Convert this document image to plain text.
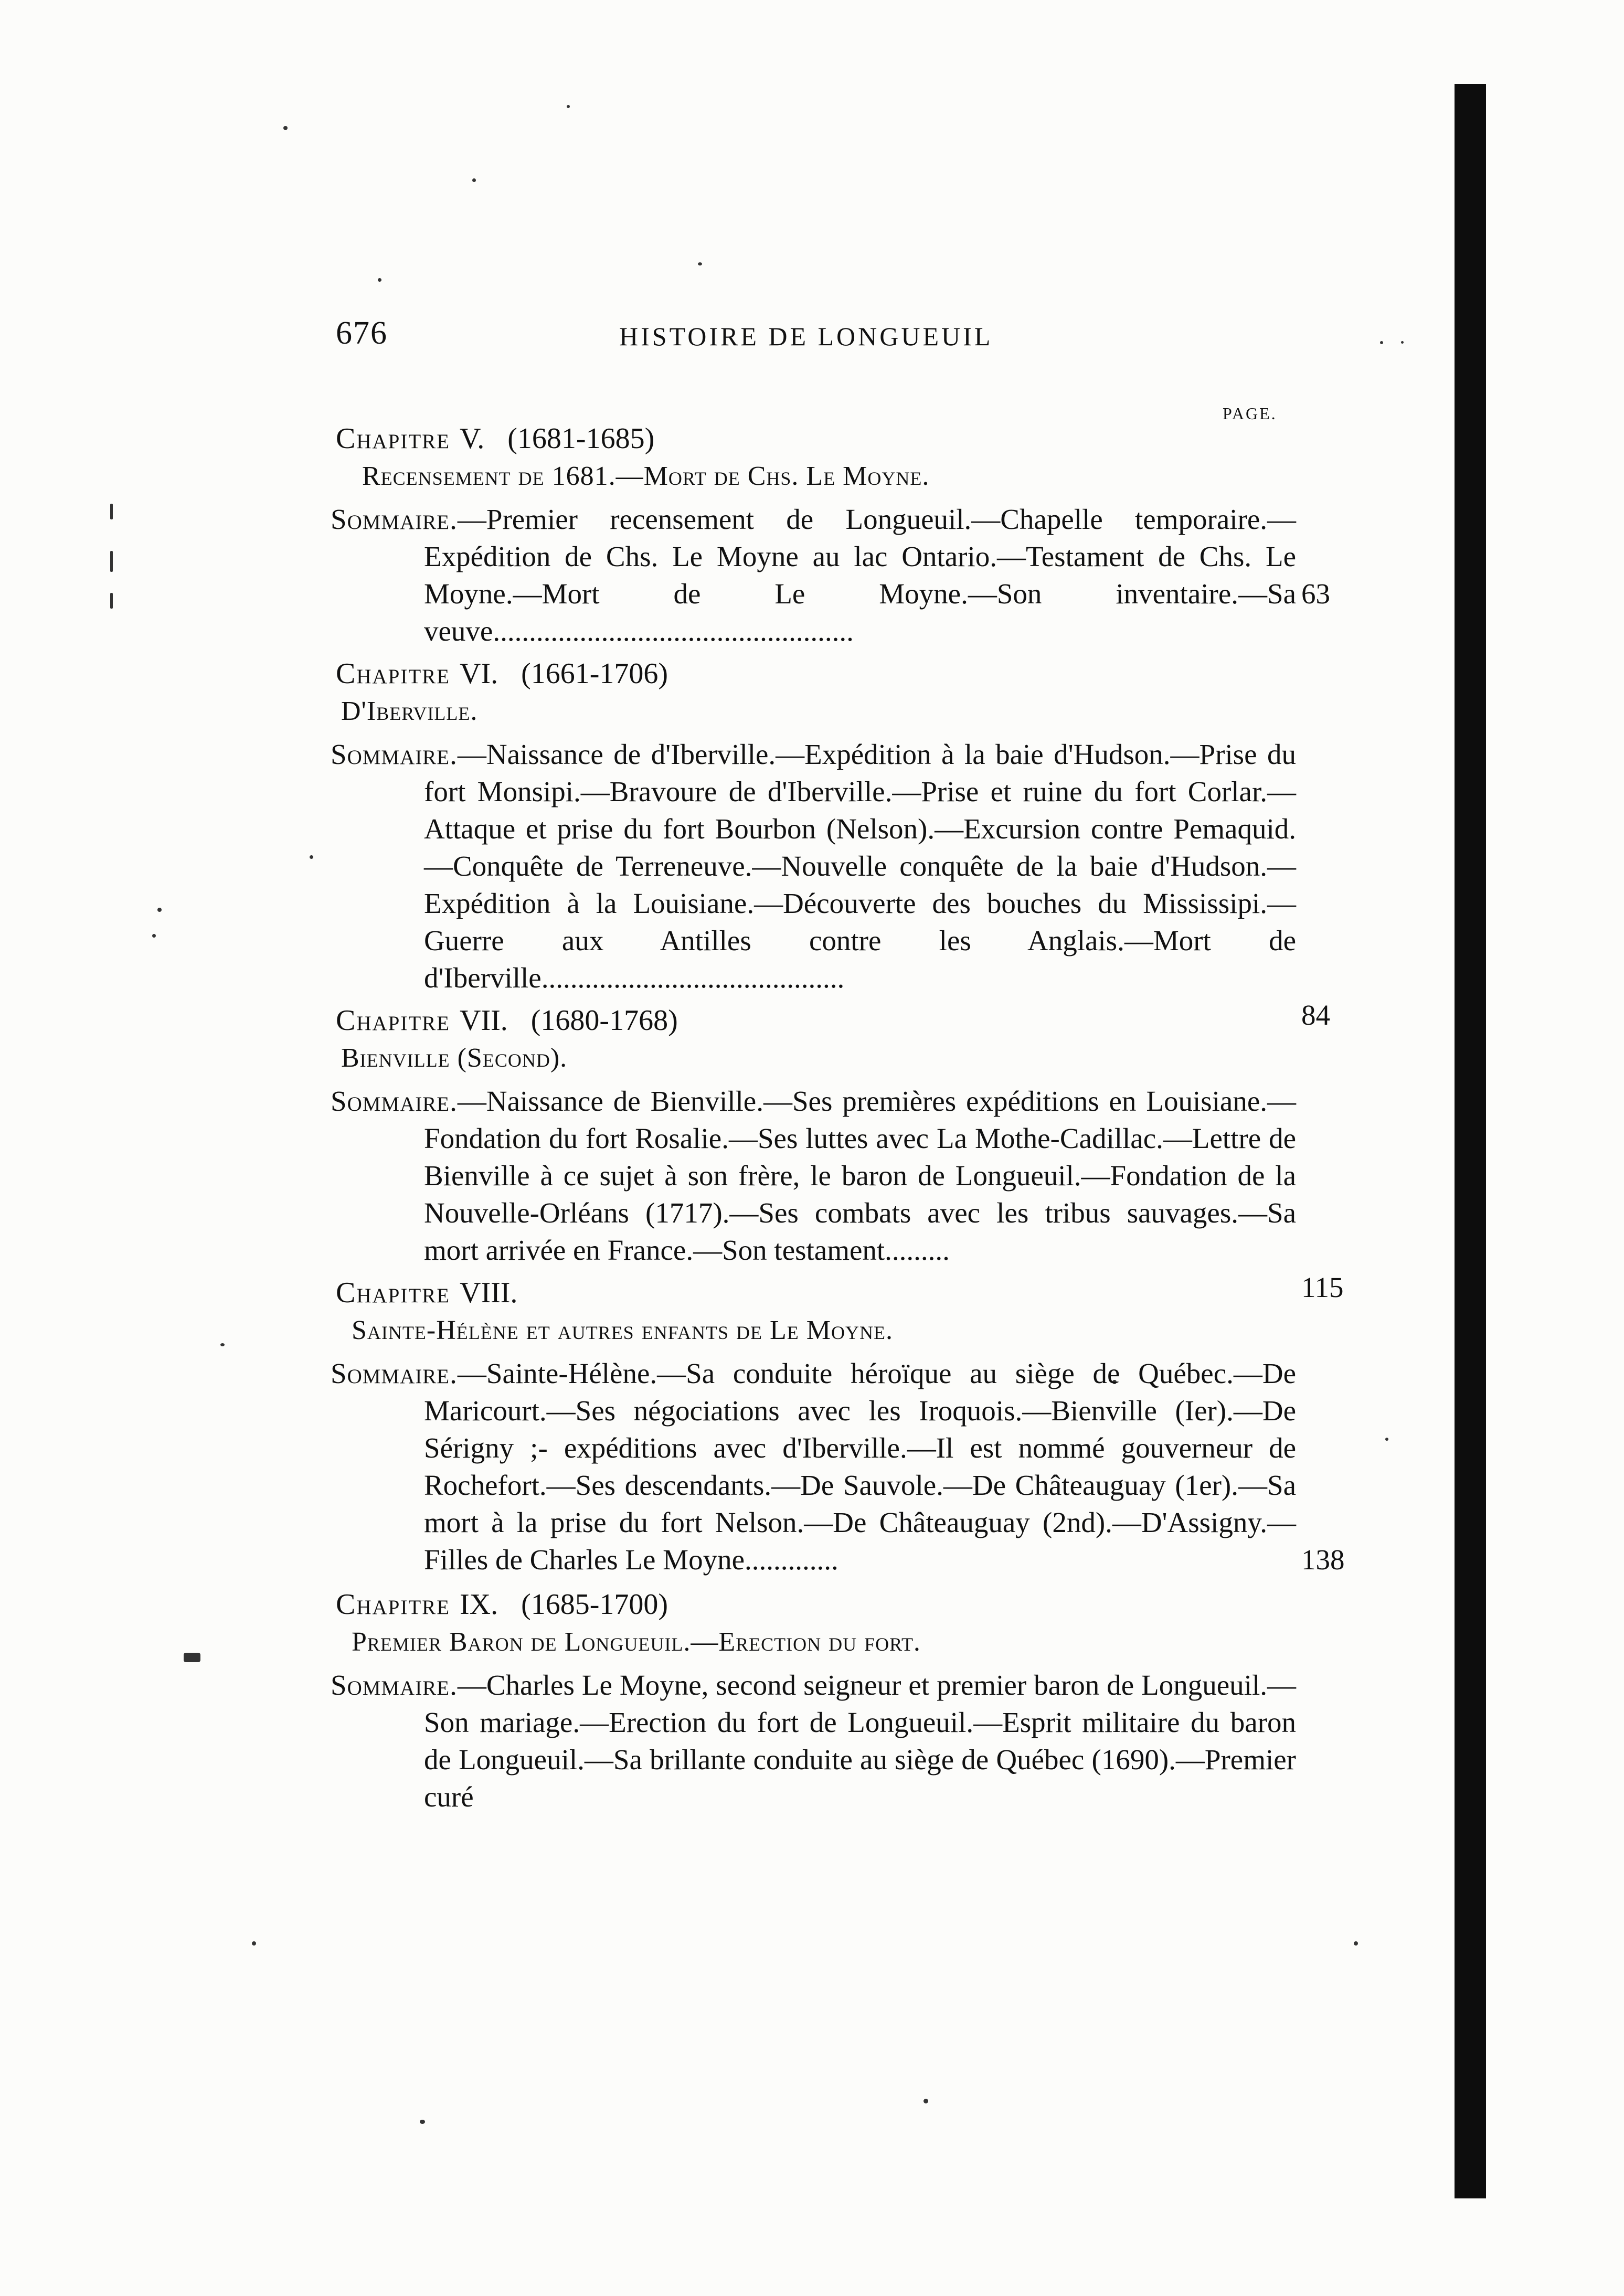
676	HISTOIRE DE LONGUEUIL
PAGE.
Chapitre V. (1681-1685)
Recensement de 1681.—Mort de Chs. Le Moyne.
Sommaire.—Premier recensement de Longueuil.—Chapelle temporaire.—Expédition de Chs. Le Moyne au lac Ontario.—Testament de Chs. Le Moyne.—Mort de Le Moyne.—Son inventaire.—Sa veuve..................................................
63
Chapitre VI. (1661-1706)
D'Iberville.
Sommaire.—Naissance de d'Iberville.—Expédition à la baie d'Hudson.—Prise du fort Monsipi.—Bravoure de d'Iberville.—Prise et ruine du fort Corlar.—Attaque et prise du fort Bourbon (Nelson).—Excursion contre Pemaquid.—Conquête de Terreneuve.—Nouvelle conquête de la baie d'Hudson.—Expédition à la Louisiane.—Découverte des bouches du Mississipi.—Guerre aux Antilles contre les Anglais.—Mort de d'Iberville..........................................
84
Chapitre VII. (1680-1768)
Bienville (Second).
Sommaire.—Naissance de Bienville.—Ses premières expéditions en Louisiane.—Fondation du fort Rosalie.—Ses luttes avec La Mothe-Cadillac.—Lettre de Bienville à ce sujet à son frère, le baron de Longueuil.—Fondation de la Nouvelle-Orléans (1717).—Ses combats avec les tribus sauvages.—Sa mort arrivée en France.—Son testament.........
115
Chapitre VIII.
Sainte-Hélène et autres enfants de Le Moyne.
Sommaire.—Sainte-Hélène.—Sa conduite héroïque au siège de Québec.—De Maricourt.—Ses négociations avec les Iroquois.—Bienville (Ier).—De Sérigny ;- expéditions avec d'Iberville.—Il est nommé gouverneur de Rochefort.—Ses descendants.—De Sauvole.—De Châteauguay (1er).—Sa mort à la prise du fort Nelson.—De Châteauguay (2nd).—D'Assigny.—Filles de Charles Le Moyne.............	138
Chapitre IX. (1685-1700)
Premier Baron de Longueuil.—Erection du fort.
Sommaire.—Charles Le Moyne, second seigneur et premier baron de Longueuil.—Son mariage.—Erection du fort de Longueuil.—Esprit militaire du baron de Longueuil.—Sa brillante conduite au siège de Québec (1690).—Premier curé
